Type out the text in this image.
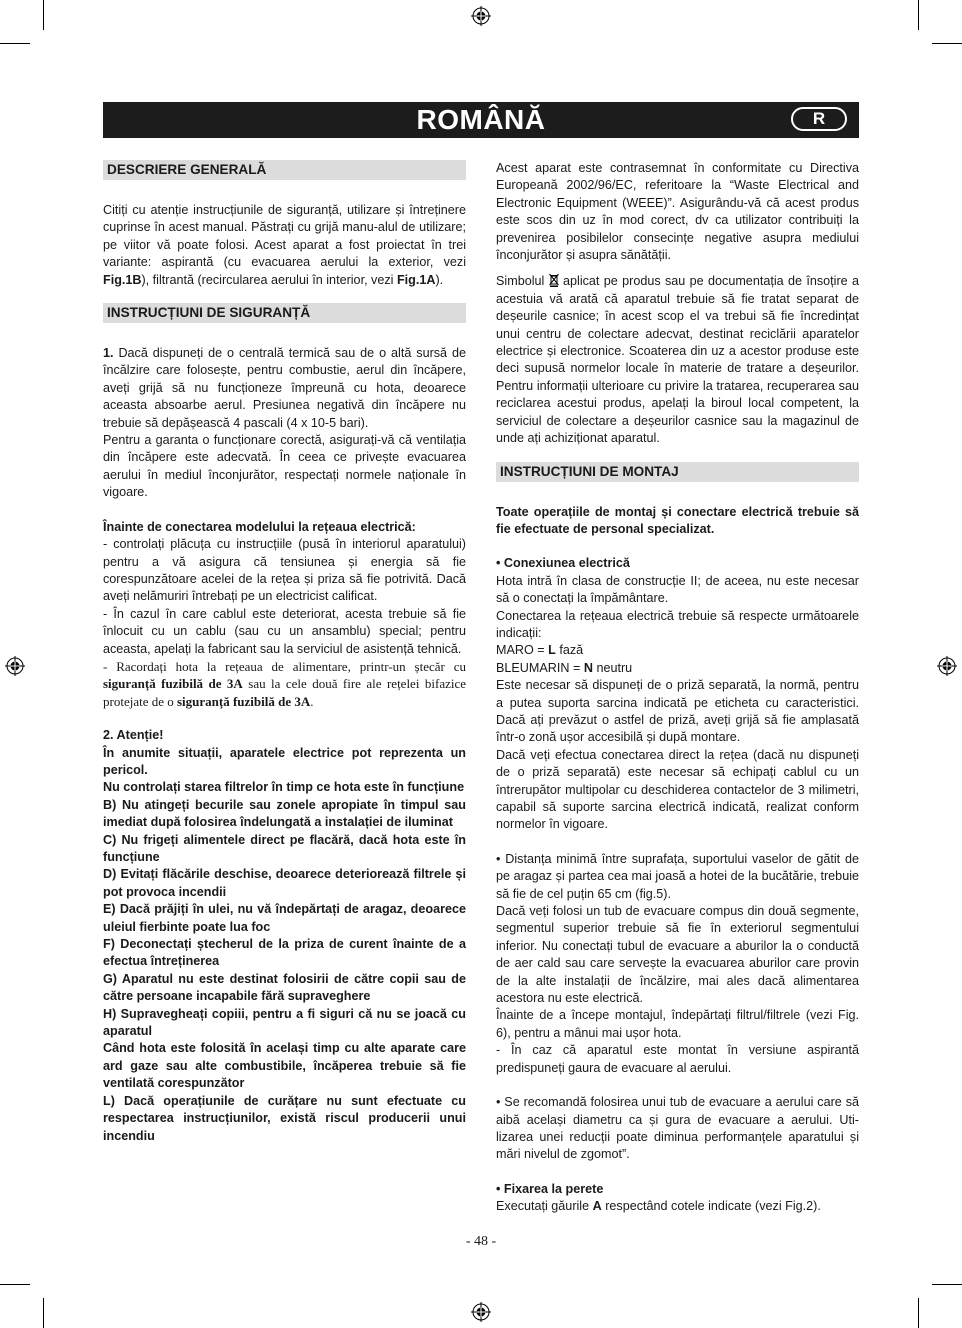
ROMÂNĂ	R
DESCRIERE GENERALĂ

Citiți cu atenție instrucțiunile de siguranță, utilizare și întreținere cuprinse în acest manual. Păstrați cu grijă manu-alul de utilizare; pe viitor vă poate folosi. Acest aparat a fost proiectat în trei variante: aspirantă (cu evacuarea aerului la exterior, vezi Fig.1B), filtrantă (recircularea aerului în interior, vezi Fig.1A).

INSTRUCȚIUNI DE SIGURANȚĂ

1. Dacă dispuneți de o centrală termică sau de o altă sursă de încălzire care folosește, pentru combustie, aerul din încăpere, aveți grijă să nu funcționeze împreună cu hota, deoarece aceasta absoarbe aerul. Presiunea negativă din încăpere nu trebuie să depășească 4 pascali (4 x 10-5 bari).

Pentru a garanta o funcționare corectă, asigurați-vă că ventilația din încăpere este adecvată. În ceea ce privește evacuarea aerului în mediul înconjurător, respectați normele naționale în vigoare.

Înainte de conectarea modelului la rețeaua electrică:

- controlați plăcuța cu instrucțiile (pusă în interiorul aparatului) pentru a vă asigura că tensiunea și energia să fie corespunzătoare acelei de la rețea și priza să fie potrivită. Dacă aveți nelămuriri întrebați pe un electricist calificat.

- În cazul în care cablul este deteriorat, acesta trebuie să fie înlocuit cu un cablu (sau cu un ansamblu) special; pentru aceasta, apelați la fabricant sau la serviciul de asistență tehnică.

- Racordați hota la rețeaua de alimentare, printr-un ștecăr cu siguranță fuzibilă de 3A sau la cele două fire ale rețelei bifazice protejate de o siguranță fuzibilă de 3A.

2. Atenție!

În anumite situații, aparatele electrice pot reprezenta un pericol.

Nu controlați starea filtrelor în timp ce hota este în funcțiune

B) Nu atingeți becurile sau zonele apropiate în timpul sau imediat după folosirea îndelungată a instalației de iluminat

C) Nu frigeți alimentele direct pe flacără, dacă hota este în funcțiune

D) Evitați flăcările deschise, deoarece deteriorează filtrele și pot provoca incendii

E) Dacă prăjiți în ulei, nu vă îndepărtați de aragaz, deoarece uleiul fierbinte poate lua foc

F) Deconectați ștecherul de la priza de curent înainte de a efectua întreținerea

G) Aparatul nu este destinat folosirii de către copii sau de către persoane incapabile fără supraveghere

H) Supravegheați copiii, pentru a fi siguri că nu se joacă cu aparatul

Când hota este folosită în același timp cu alte aparate care ard gaze sau alte combustibile, încăperea trebuie să fie ventilată corespunzător

L) Dacă operațiunile de curățare nu sunt efectuate cu respectarea instrucțiunilor, există riscul producerii unui incendiu

Acest aparat este contrasemnat în conformitate cu Directiva Europeană 2002/96/EC, referitoare la “Waste Electrical and Electronic Equipment (WEEE)”. Asigurându-vă că acest produs este scos din uz în mod corect, dv ca utilizator contribuiți la prevenirea posibilelor consecințe negative asupra mediului înconjurător și asupra sănătății.

Simbolul  aplicat pe produs sau pe documentația de însoțire a acestuia vă arată că aparatul trebuie să fie tratat separat de deșeurile casnice; în acest scop el va trebui să fie încredințat unui centru de colectare adecvat, destinat reciclării aparatelor electrice și electronice. Scoaterea din uz a acestor produse este deci supusă normelor locale în materie de tratare a deșeurilor. Pentru informații ulterioare cu privire la tratarea, recuperarea sau reciclarea acestui produs, apelați la biroul local competent, la serviciul de colectare a deșeurilor casnice sau la magazinul de unde ați achiziționat aparatul.

INSTRUCȚIUNI DE MONTAJ

Toate operațiile de montaj și conectare electrică trebuie să fie efectuate de personal specializat.

• Conexiunea electrică

Hota intră în clasa de construcție II; de aceea, nu este necesar să o conectați la împământare.

Conectarea la rețeaua electrică trebuie să respecte următoarele indicații:

MARO = L fază

BLEUMARIN = N neutru

Este necesar să dispuneți de o priză separată, la normă, pentru a putea suporta sarcina indicată pe eticheta cu caracteristici. Dacă ați prevăzut o astfel de priză, aveți grijă să fie amplasată într-o zonă ușor accesibilă și după montare.

Dacă veți efectua conectarea direct la rețea (dacă nu dispuneți de o priză separată) este necesar să echipați cablul cu un întrerupător multipolar cu deschiderea contactelor de 3 milimetri, capabil să suporte sarcina electrică indicată, realizat conform normelor în vigoare.

• Distanța minimă între suprafața, suportului vaselor de gătit de pe aragaz și partea cea mai joasă a hotei de la bucătărie, trebuie să fie de cel puțin 65 cm (fig.5).

Dacă veți folosi un tub de evacuare compus din două segmente, segmentul superior trebuie să fie în exteriorul segmentului inferior. Nu conectați tubul de evacuare a aburilor la o conductă de aer cald sau care servește la evacuarea aburilor care provin de la alte instalații de încălzire, mai ales dacă alimentarea acestora nu este electrică.

Înainte de a începe montajul, îndepărtați filtrul/filtrele (vezi Fig. 6), pentru a mânui mai ușor hota.

- În caz că aparatul este montat în versiune aspirantă predispuneți gaura de evacuare al aerului.

• Se recomandă folosirea unui tub de evacuare a aerului care să aibă același diametru ca și gura de evacuare a aerului. Uti-lizarea unei reducții poate diminua performanțele aparatului și mări nivelul de zgomot”.

• Fixarea la perete

Executați găurile A respectând cotele indicate (vezi Fig.2).

- 48 -
